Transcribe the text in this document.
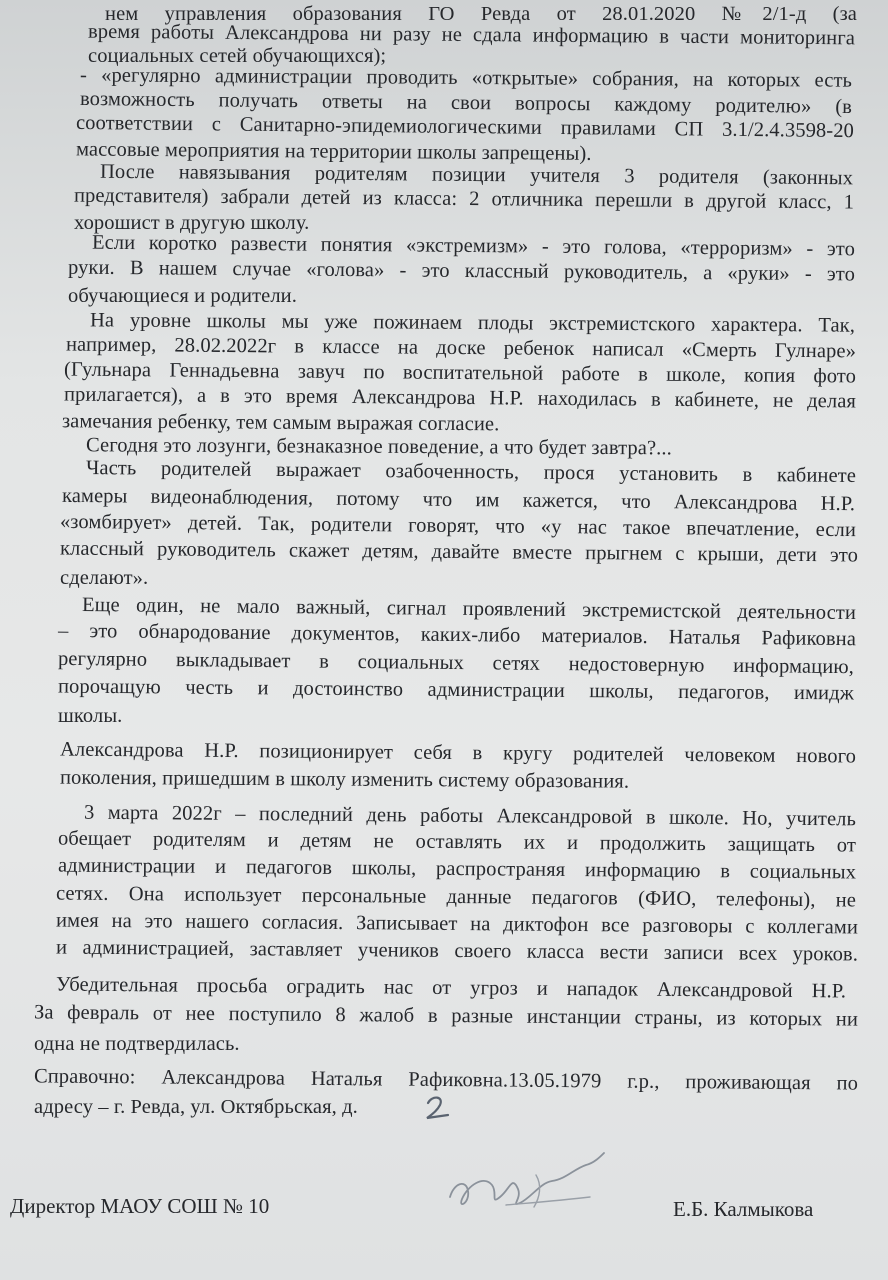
нем управления образования ГО Ревда от 28.01.2020 №2/1-д (за
время работы Александрова ни разу не сдала информацию в части мониторинга
социальных сетей обучающихся);
- «регулярно администрации проводить «открытые» собрания, на которых есть
возможность получать ответы на свои вопросы каждому родителю» (в
соответствии с Санитарно-эпидемиологическими правилами СП 3.1/2.4.3598-20
массовые мероприятия на территории школы запрещены).
После навязывания родителям позиции учителя 3 родителя (законных
представителя) забрали детей из класса: 2 отличника перешли в другой класс, 1
хорошист в другую школу.
Если коротко развести понятия «экстремизм» - это голова, «терроризм» - это
руки. В нашем случае «голова» - это классный руководитель, а «руки» - это
обучающиеся и родители.
На уровне школы мы уже пожинаем плоды экстремистского характера. Так,
например, 28.02.2022г в классе на доске ребенок написал «Смерть Гулнаре»
(Гульнара Геннадьевна завуч по воспитательной работе в школе, копия фото
прилагается), а в это время Александрова Н.Р. находилась в кабинете, не делая
замечания ребенку, тем самым выражая согласие.
Сегодня это лозунги, безнаказное поведение, а что будет завтра?...
Часть родителей выражает озабоченность, прося установить в кабинете
камеры видеонаблюдения, потому что им кажется, что Александрова Н.Р.
«зомбирует» детей. Так, родители говорят, что «у нас такое впечатление, если
классный руководитель скажет детям, давайте вместе прыгнем с крыши, дети это
сделают».
Еще один, не мало важный, сигнал проявлений экстремистской деятельности
– это обнародование документов, каких-либо материалов. Наталья Рафиковна
регулярно выкладывает в социальных сетях недостоверную информацию,
порочащую честь и достоинство администрации школы, педагогов, имидж
школы.
Александрова Н.Р. позиционирует себя в кругу родителей человеком нового
поколения, пришедшим в школу изменить систему образования.
3 марта 2022г – последний день работы Александровой в школе. Но, учитель
обещает родителям и детям не оставлять их и продолжить защищать от
администрации и педагогов школы, распространяя информацию в социальных
сетях. Она использует персональные данные педагогов (ФИО, телефоны), не
имея на это нашего согласия. Записывает на диктофон все разговоры с коллегами
и администрацией, заставляет учеников своего класса вести записи всех уроков.
Убедительная просьба оградить нас от угроз и нападок Александровой Н.Р.
За февраль от нее поступило 8 жалоб в разные инстанции страны, из которых ни
одна не подтвердилась.
Справочно: Александрова Наталья Рафиковна.13.05.1979 г.р., проживающая по
адресу – г. Ревда, ул. Октябрьская, д.
Директор МАОУ СОШ № 10	Е.Б. Калмыкова
